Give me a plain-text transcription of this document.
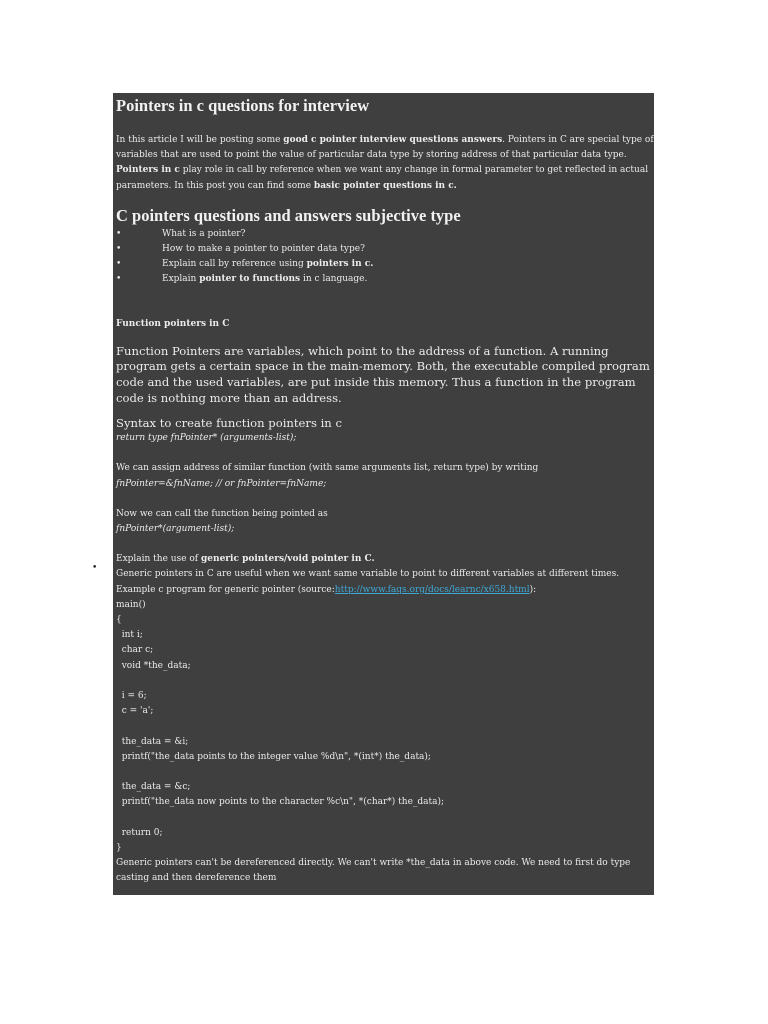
Pointers in c questions for interview

In this article I will be posting some good c pointer interview questions answers. Pointers in C are special type of variables that are used to point the value of particular data type by storing address of that particular data type. Pointers in c play role in call by reference when we want any change in formal parameter to get reflected in actual parameters. In this post you can find some basic pointer questions in c.

C pointers questions and answers subjective type

•	What is a pointer?
•	How to make a pointer to pointer data type?
•	Explain call by reference using pointers in c.
•	Explain pointer to functions in c language.

Function pointers in C

Function Pointers are variables, which point to the address of a function. A running program gets a certain space in the main-memory. Both, the executable compiled program code and the used variables, are put inside this memory. Thus a function in the program code is nothing more than an address.

Syntax to create function pointers in c

return type fnPointer* (arguments-list);

We can assign address of similar function (with same arguments list, return type) by writing

fnPointer=&fnName; // or fnPointer=fnName;

Now we can call the function being pointed as

fnPointer*(argument-list);

Explain the use of generic pointers/void pointer in C.

Generic pointers in C are useful when we want same variable to point to different variables at different times.

Example c program for generic pointer (source:http://www.faqs.org/docs/learnc/x658.html):

main()

{

int i;

char c;

void *the_data;

i = 6;

c = 'a';

the_data = &i;

printf("the_data points to the integer value %d\n", *(int*) the_data);

the_data = &c;

printf("the_data now points to the character %c\n", *(char*) the_data);

return 0;

}

Generic pointers can't be dereferenced directly. We can't write *the_data in above code. We need to first do type casting and then dereference them

•
